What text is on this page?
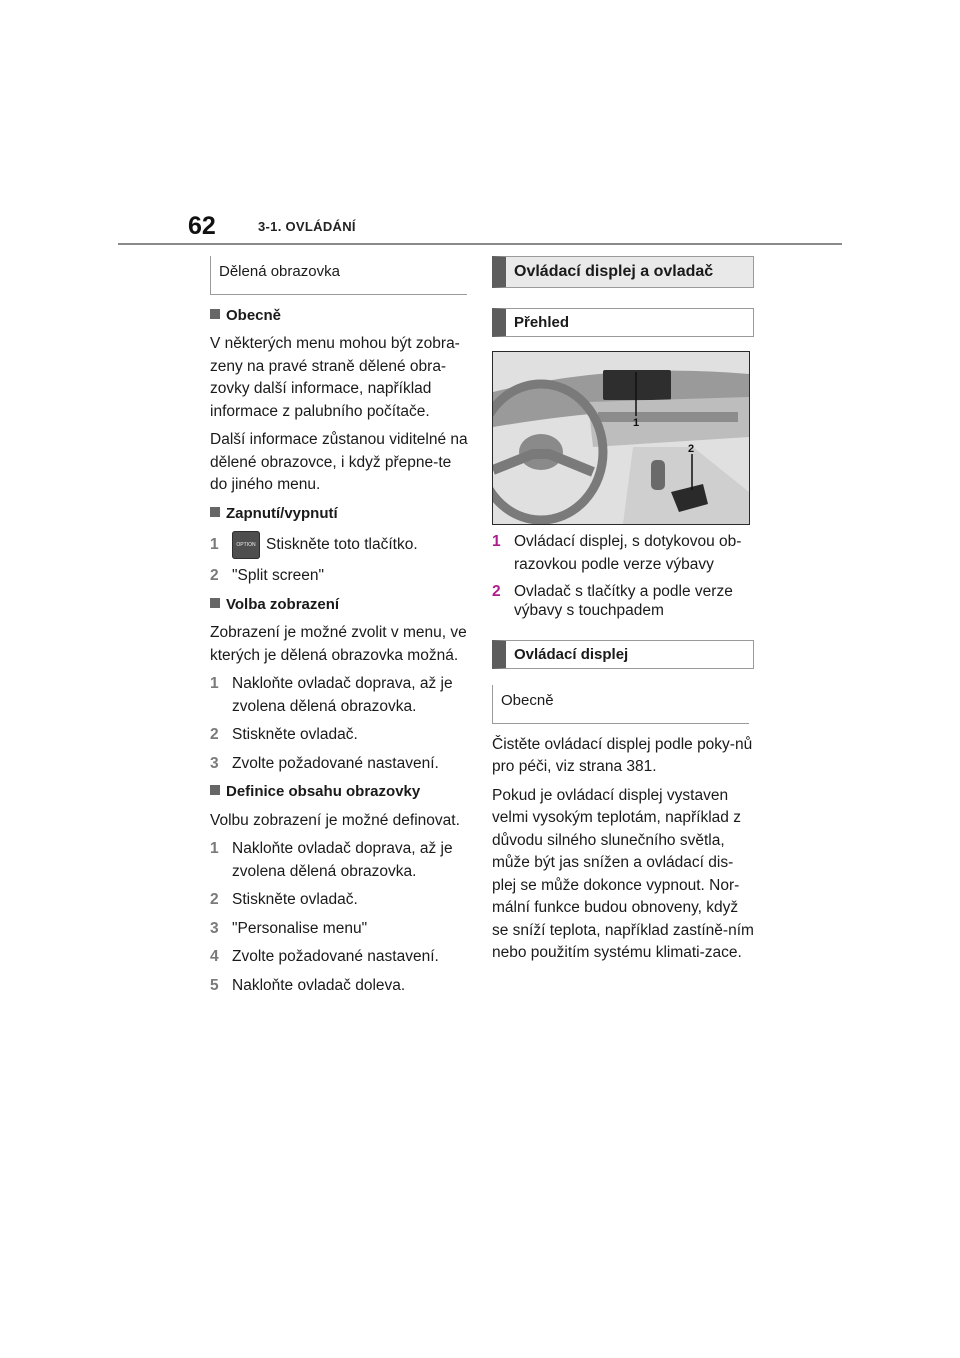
62	3-1. OVLÁDÁNÍ
Dělená obrazovka
Obecně

V některých menu mohou být zobra-zeny na pravé straně dělené obra-zovky další informace, například informace z palubního počítače.

Další informace zůstanou viditelné na dělené obrazovce, i když přepne-te do jiného menu.

Zapnutí/vypnutí
1	OPTION Stiskněte toto tlačítko.
2 "Split screen"
Volba zobrazení

Zobrazení je možné zvolit v menu, ve kterých je dělená obrazovka možná.

1 Nakloňte ovladač doprava, až je zvolena dělená obrazovka.
2 Stiskněte ovladač.
3 Zvolte požadované nastavení.
Definice obsahu obrazovky

Volbu zobrazení je možné definovat.

1 Nakloňte ovladač doprava, až je zvolena dělená obrazovka.
2 Stiskněte ovladač.
3 "Personalise menu"
4 Zvolte požadované nastavení.
5 Nakloňte ovladač doleva.
Ovládací displej a ovladač
Přehled
1
2
1 Ovládací displej, s dotykovou ob-razovkou podle verze výbavy
2 Ovladač s tlačítky a podle verze výbavy s touchpadem
Ovládací displej
Obecně

Čistěte ovládací displej podle poky-nů pro péči, viz strana 381.

Pokud je ovládací displej vystaven velmi vysokým teplotám, například z důvodu silného slunečního světla, může být jas snížen a ovládací dis-plej se může dokonce vypnout. Nor-mální funkce budou obnoveny, když se sníží teplota, například zastíně-ním nebo použitím systému klimati-zace.
